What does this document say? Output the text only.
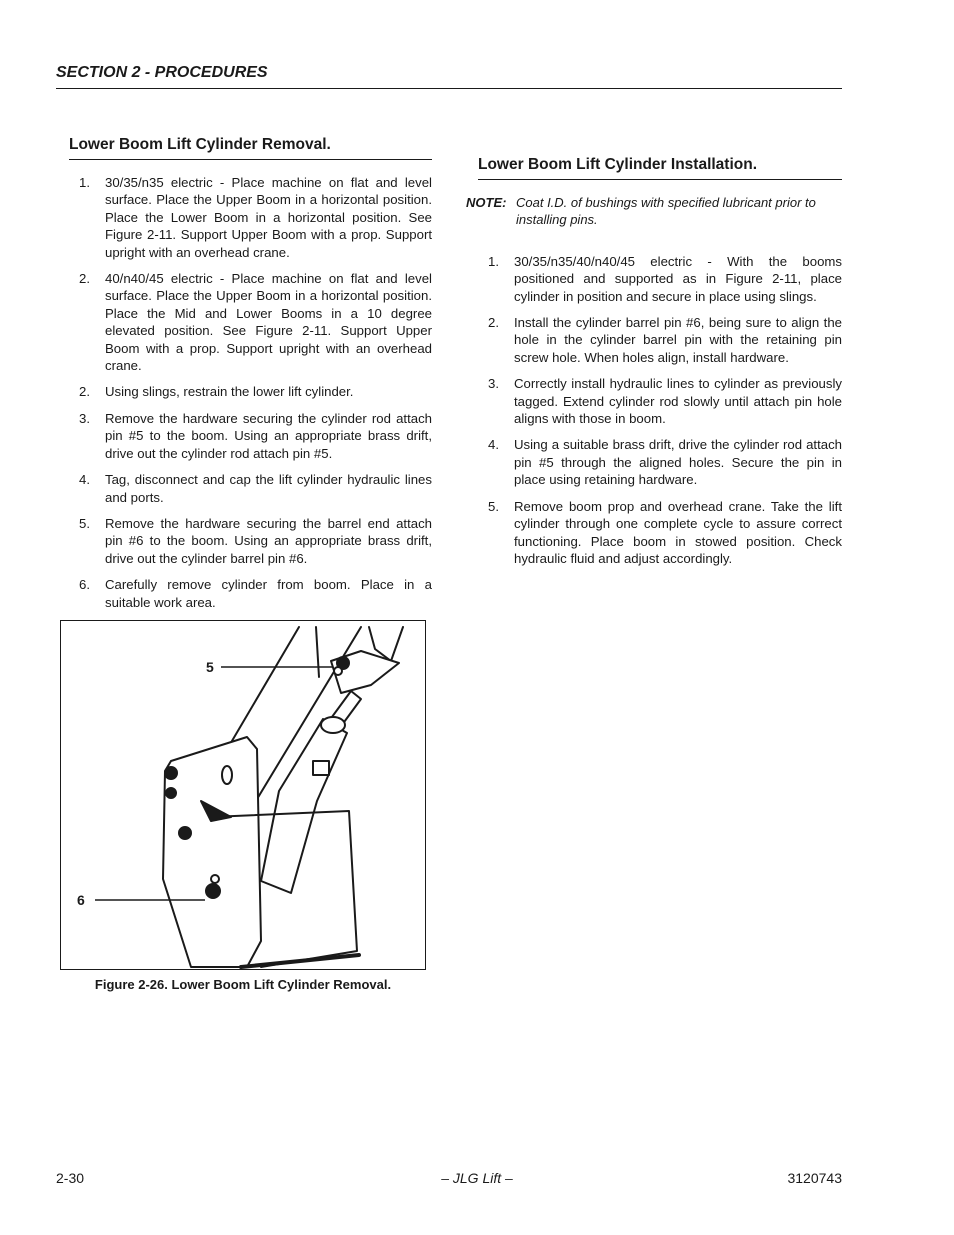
SECTION 2 - PROCEDURES
Lower Boom Lift Cylinder Removal.
1.	30/35/n35 electric - Place machine on flat and level surface. Place the Upper Boom in a horizontal position. Place the Lower Boom in a horizontal position. See Figure 2-11. Support Upper Boom with a prop. Support upright with an overhead crane.
2.	40/n40/45 electric - Place machine on flat and level surface. Place the Upper Boom in a horizontal position. Place the Mid and Lower Booms in a 10 degree elevated position. See Figure 2-11. Support Upper Boom with a prop. Support upright with an overhead crane.
2.	Using slings, restrain the lower lift cylinder.
3.	Remove the hardware securing the cylinder rod attach pin #5 to the boom. Using an appropriate brass drift, drive out the cylinder rod attach pin #5.
4.	Tag, disconnect and cap the lift cylinder hydraulic lines and ports.
5.	Remove the hardware securing the barrel end attach pin #6 to the boom. Using an appropriate brass drift, drive out the cylinder barrel pin #6.
6.	Carefully remove cylinder from boom. Place in a suitable work area.
Lower Boom Lift Cylinder Installation.
NOTE: Coat I.D. of bushings with specified lubricant prior to installing pins.
1.	30/35/n35/40/n40/45 electric - With the booms positioned and supported as in Figure 2-11, place cylinder in position and secure in place using slings.
2.	Install the cylinder barrel pin #6, being sure to align the hole in the cylinder barrel pin with the retaining pin screw hole. When holes align, install hardware.
3.	Correctly install hydraulic lines to cylinder as previously tagged. Extend cylinder rod slowly until attach pin hole aligns with those in boom.
4.	Using a suitable brass drift, drive the cylinder rod attach pin #5 through the aligned holes. Secure the pin in place using retaining hardware.
5.	Remove boom prop and overhead crane. Take the lift cylinder through one complete cycle to assure correct functioning. Place boom in stowed position. Check hydraulic fluid and adjust accordingly.
5
6
Figure 2-26. Lower Boom Lift Cylinder Removal.
2-30	– JLG Lift –	3120743
